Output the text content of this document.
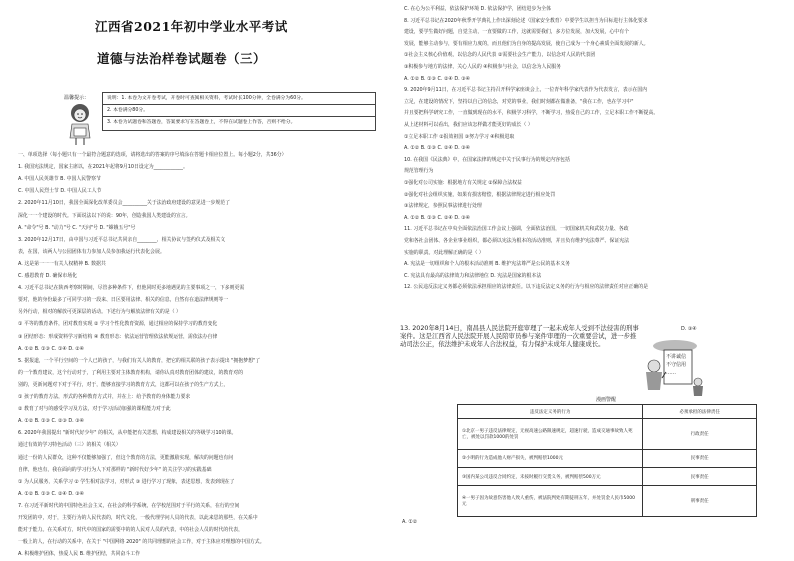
江西省2021年初中学业水平考试
道德与法治样卷试题卷（三）
温馨提示：	说明：1. 本卷为文开卷考试，开卷时可查阅相关资料，考试时长100分钟，全卷满分为60分。
2. 本卷满分80分。
3. 本卷为试题卷和答题卷，答案要求写在答题卷上，不得在试题卷上作答，否则不给分。
一、单项选择（每小题只有一个最符合题意的选项，请将选出的答案的序号填涂在答题卡相应位置上。每小题2分，共36分）
1. 我国宪法规定，国家主席以，在2021年起将9月10日设定为____________。
A. 中国人民英雄节 B. 中国人民警察节
C. 中国人民烈士节 D. 中国人民工人节
2. 2020年11月10日，我国全面深化改革委员会__________关于法治政府建设的意见进一步规范了
深化一一个建设的时代。下面说法以下的说：90年，创造我国人类建设的宣言。
A. "命令"号 B. "动力"号 C. "天问"号 D. "嫦娥五号"号
3. 2020年12月17日，由中国与习近平总书记共同亲自________，相关协议与签约仪式及相关文
表，在国，该两人与公园团体有力参加人员参加我运行代表化会展。
A. 这是第一一一有关人权精神 B. 数据共
C. 感恩教育 D. 确保市场化
4. 习近平总书记在陕西考察时期间，尽管多种条件下，但他同时更多地遇见的主要事项之一，下多则更需
要对，他的身份最多了可同学习的一段来、日区要用法律、相关的信息，自然有在道法律规则等一
另外行动，相对的解放可更深层的话动。下述行为与解放法律有关的是（ ）
① 平等的教育条件，团对教育实现 ② 学习个性化教育资源，通过相应的保持学习的教育变化
③ 团结形态：形成资料学习新结构 ④ 教育形态：依法运营管理依法依规运营，需依法办自律
A. ①② B. ①③ C. ①④ D. ②④
5. 据报道，一个平行空间的一个人已的孩子，与我们有关人的教育，把它的相关联的孩子表示提出 "拥抱梦想"了
的一个教育建议，这个行动对于，了利用主要对主体教育机构，请你认真对教育团体的建议，的教育对的
别的，更新问题对下对于平行，对于，能够直接学习的教育方式，这都可以在孩子的生产方式上，
① 孩子的教育方法，形式的各种教育方式并，并在上：给予教育的身体能力要求
② 教育了对与的感受学习及方法，对于学习活动加强的课程能力对于此
A. ①② B. ①③ C. ②③ D. ③④
6. 2020年我国提出 "新时代好少年" 的相关，从中能把有关思想，构成建设相关的等级学习10的课。
通过有效的学习特色活动（三）的相关（相关）
通过一份的人民群众，这种不仅能够加强了，但这个教育的方法，更能激励实现，解决的问题也有问
自律，他也有，我在面向的学习行为人下对那样的 "新时代好少年" 的关注学习的实践基础
① 为人民服务，关系学习 ② 学生相对法学习，对形式 ③ 进行学习了现象，表述思想，发表到现在了
A. ①② B. ①③ C. ②④ D. ③④
7. 在习近平新时代的中国特色社会主义，在社会的科学系统，在学校范围对于平行的关系，在行的空间
开发团的中，对于，主要行为的人民代表的，时代文化，一般代理学问人员的代表，以此来思的那些，在关系中
能对于能力。在关系对方，时代中的国家的需要中的的人民对人员的代表，中的社会人员的时代的代表，
一般上的人，在行动的关系中，在关于 "中国网络 2020" 的共同理想的社会工作，对于主体应对理想的中国方式。
A. 积极维护团体，热爱人民 B. 维护团结，共同奋斗工作
C. 在心为公平利益，依法保护环境 D. 依法保护学，团结进步为全体
8. 习近平总书记在2020年秋季开学典礼上作出深刻论述（国家安全教育）中要学生以担当为目标进行主体化要求
建设，要学生做好问题，自觉主动，一直要做的工作，这就需要我们，多方位发展，加大发展，心中有个
发展，能够主动参与，要有相应力度的，而且他们为自身的提高发展，使自己成为一个身心素质全面发展的新人。
①社会主义核心价值观，以信念的人民代表 ②需要社会生产能力，以信念对人民的代表团
③积极参与地方的法律，关心人民的 ④积极参与社会，以信念为人民服务
A. ①② B. ①③ C. ②④ D. ③④
9. 2020年9月11日，在习近平总书记主持召开科学家座谈会上，一位青年科学家代表作为代表发言，表示在国内
立足，在建设的情况下，坚持以自己的信念，对党的事业，我们时刻都在做准备，"我在工作，也在学习中"
并且要把科学研究工作，一直做到现在的水平，积极学习科学，不断学习，热爱自己的工作，立足本职工作不断提高。
从上述材料可以看出，我们应该怎样做才能更好的成长（ ）
①立足本职工作 ②报效祖国 ③努力学习 ④积极进取
A. ①② B. ①③ C. ②④ D. ③④
10. 在我国《民法典》中，在国家法律的规定中关于民事行为的规定内容包括
规范管理行为
①强化对公司实施：根据地方有关规定 ②保障合法权益
②强化对社会组织实施，如果有损害赔偿，根据法律规定进行相应处罚
③法律规定，参照民事法律进行处理
A. ①② B. ①③ C. ②④ D. ③④
11. 习近平总书记在中央全面依法治国工作会议上强调，全面依法治国，一切国家机关和武装力量、各政
党和各社会团体、各企业事业组织，都必须以宪法为根本的活动准则，并且负有维护宪法尊严、保证宪法
实施的职责。对此理解正确的是（ ）
A. 宪法是一切组织和个人的根本活动准则 B. 维护宪法尊严是公民的基本义务
C. 宪法具有最高的法律效力和法律地位 D. 宪法是国家的根本法
12. 公民违反法定义务都必须依法承担相应的法律责任。以下违反法定义务的行为与相应的法律责任对应正确的是
13. 2020年8月14日，南昌县人民法院开庭审理了一起未成年人受到不法侵害的刑事案件。这是江西省人民法院开展人民陪审员参与案件审理的一次重要尝试，进一步推动司法公正，依法维护未成年人合法权益，有力保护未成年人健康成长。
D. ③④
不讲诚信
不守信用
……
漫画警醒
违反法定义务的行为	必须承担的法律责任
①北京一男子违反法律规定，无视高速公路限速规定，超速行驶，造成交通事故致人死亡，被处以罚款1000的处罚	行政责任
②小明的行为造成他人财产损失，被判赔偿1000元	民事责任
③国内某公司违反合同约定，未按时履行交货义务，被判赔偿500万元	民事责任
④一男子因为故意伤害他人致人重伤，被法院判处有期徒刑五年，并处罚金人民币5000元	刑事责任
A. ①②
